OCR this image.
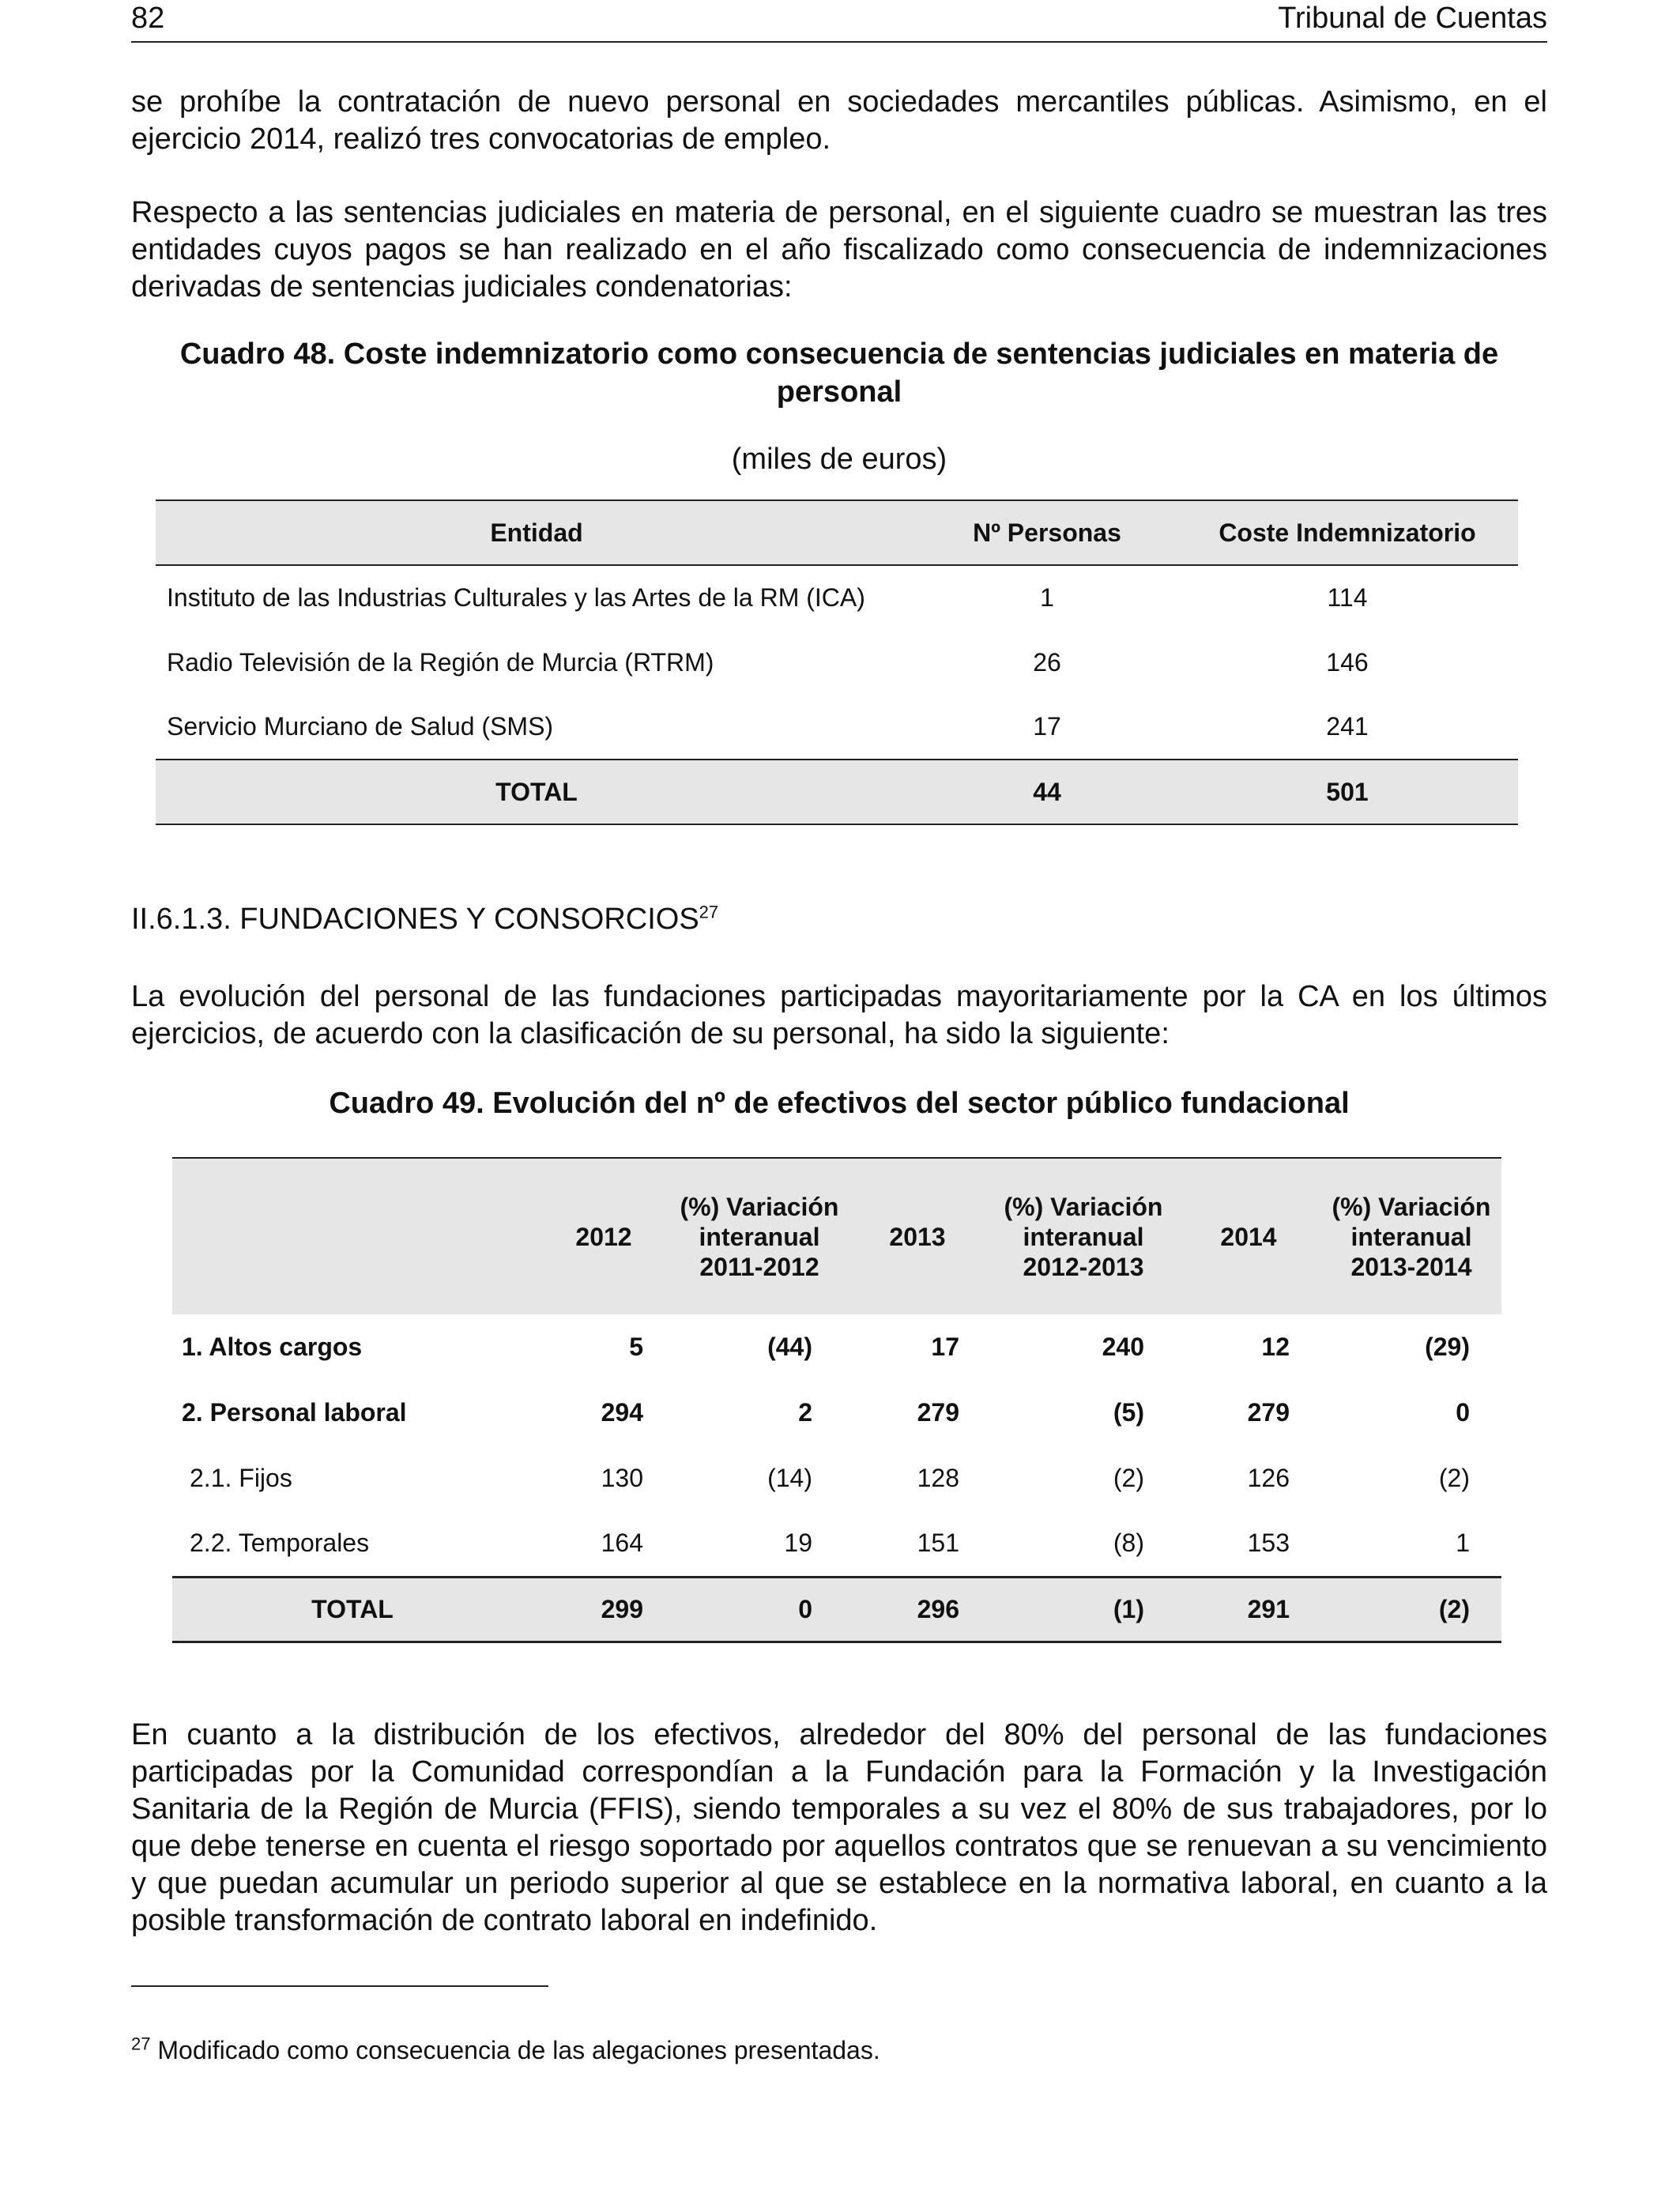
82	Tribunal de Cuentas

se prohíbe la contratación de nuevo personal en sociedades mercantiles públicas. Asimismo, en el ejercicio 2014, realizó tres convocatorias de empleo.

Respecto a las sentencias judiciales en materia de personal, en el siguiente cuadro se muestran las tres entidades cuyos pagos se han realizado en el año fiscalizado como consecuencia de indemnizaciones derivadas de sentencias judiciales condenatorias:

Cuadro 48. Coste indemnizatorio como consecuencia de sentencias judiciales en materia de personal

(miles de euros)

Entidad	Nº Personas	Coste Indemnizatorio
Instituto de las Industrias Culturales y las Artes de la RM (ICA)	1	114
Radio Televisión de la Región de Murcia (RTRM)	26	146
Servicio Murciano de Salud (SMS)	17	241
TOTAL	44	501

II.6.1.3. FUNDACIONES Y CONSORCIOS$^{27}$

La evolución del personal de las fundaciones participadas mayoritariamente por la CA en los últimos ejercicios, de acuerdo con la clasificación de su personal, ha sido la siguiente:

Cuadro 49. Evolución del nº de efectivos del sector público fundacional

	2012	(%) Variación interanual 2011-2012	2013	(%) Variación interanual 2012-2013	2014	(%) Variación interanual 2013-2014
1. Altos cargos	5	(44)	17	240	12	(29)
2. Personal laboral	294	2	279	(5)	279	0
2.1. Fijos	130	(14)	128	(2)	126	(2)
2.2. Temporales	164	19	151	(8)	153	1
TOTAL	299	0	296	(1)	291	(2)

En cuanto a la distribución de los efectivos, alrededor del 80% del personal de las fundaciones participadas por la Comunidad correspondían a la Fundación para la Formación y la Investigación Sanitaria de la Región de Murcia (FFIS), siendo temporales a su vez el 80% de sus trabajadores, por lo que debe tenerse en cuenta el riesgo soportado por aquellos contratos que se renuevan a su vencimiento y que puedan acumular un periodo superior al que se establece en la normativa laboral, en cuanto a la posible transformación de contrato laboral en indefinido.

$^{27}$ Modificado como consecuencia de las alegaciones presentadas.
